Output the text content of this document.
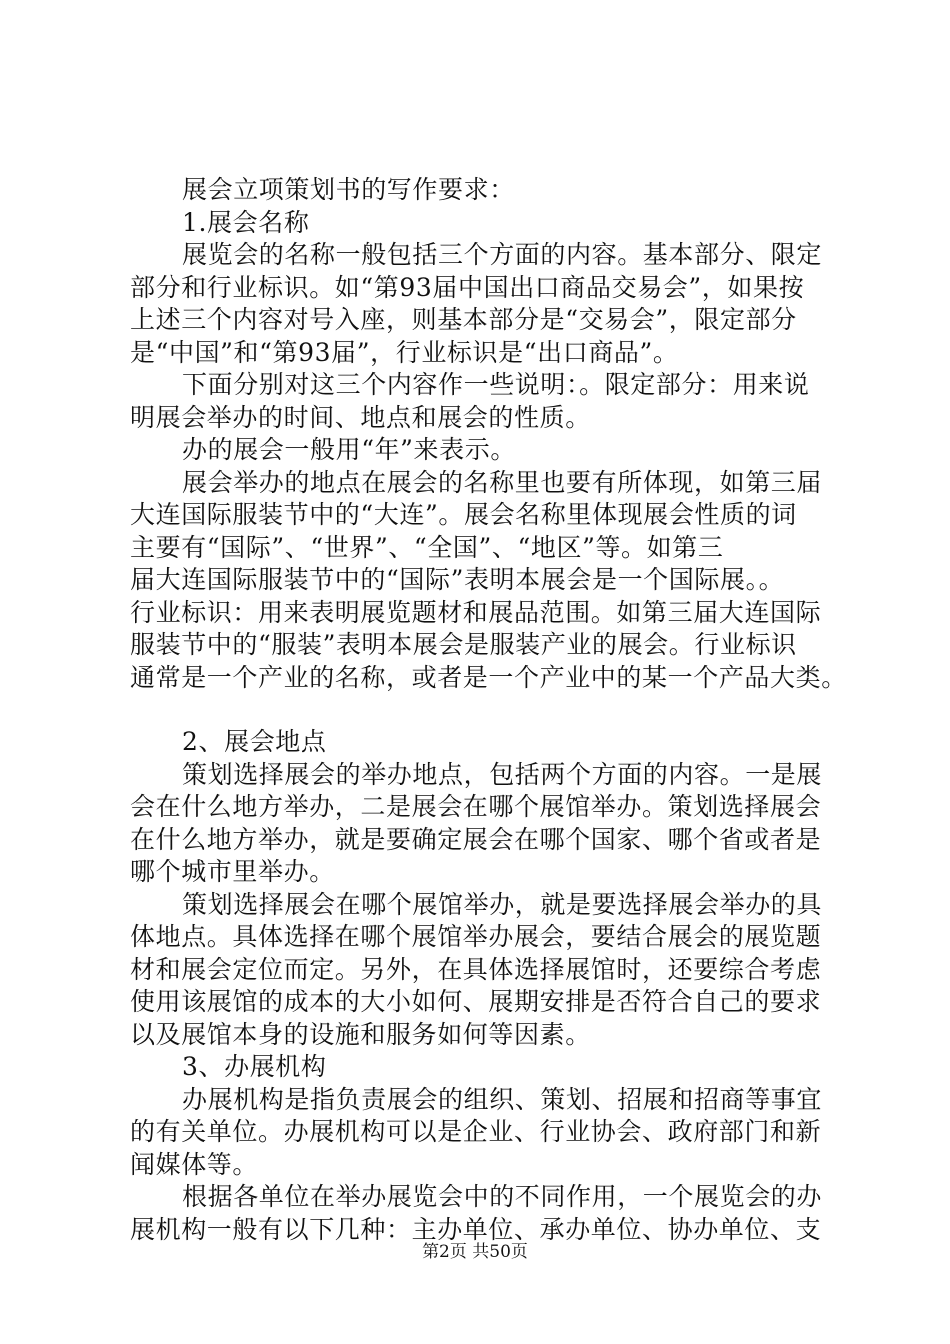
展会立项策划书的写作要求：
1.展会名称
展览会的名称一般包括三个方面的内容。基本部分、限定
部分和行业标识。如“第93届中国出口商品交易会”，如果按
上述三个内容对号入座，则基本部分是“交易会”，限定部分
是“中国”和“第93届”，行业标识是“出口商品”。
下面分别对这三个内容作一些说明：。限定部分：用来说
明展会举办的时间、地点和展会的性质。
办的展会一般用“年”来表示。
展会举办的地点在展会的名称里也要有所体现，如第三届
大连国际服装节中的“大连”。展会名称里体现展会性质的词
主要有“国际”、“世界”、“全国”、“地区”等。如第三
届大连国际服装节中的“国际”表明本展会是一个国际展。。
行业标识：用来表明展览题材和展品范围。如第三届大连国际
服装节中的“服装”表明本展会是服装产业的展会。行业标识
通常是一个产业的名称，或者是一个产业中的某一个产品大类。
2、展会地点
策划选择展会的举办地点，包括两个方面的内容。一是展
会在什么地方举办，二是展会在哪个展馆举办。策划选择展会
在什么地方举办，就是要确定展会在哪个国家、哪个省或者是
哪个城市里举办。
策划选择展会在哪个展馆举办，就是要选择展会举办的具
体地点。具体选择在哪个展馆举办展会，要结合展会的展览题
材和展会定位而定。另外，在具体选择展馆时，还要综合考虑
使用该展馆的成本的大小如何、展期安排是否符合自己的要求
以及展馆本身的设施和服务如何等因素。
3、办展机构
办展机构是指负责展会的组织、策划、招展和招商等事宜
的有关单位。办展机构可以是企业、行业协会、政府部门和新
闻媒体等。
根据各单位在举办展览会中的不同作用，一个展览会的办
展机构一般有以下几种：主办单位、承办单位、协办单位、支
第2页 共50页
